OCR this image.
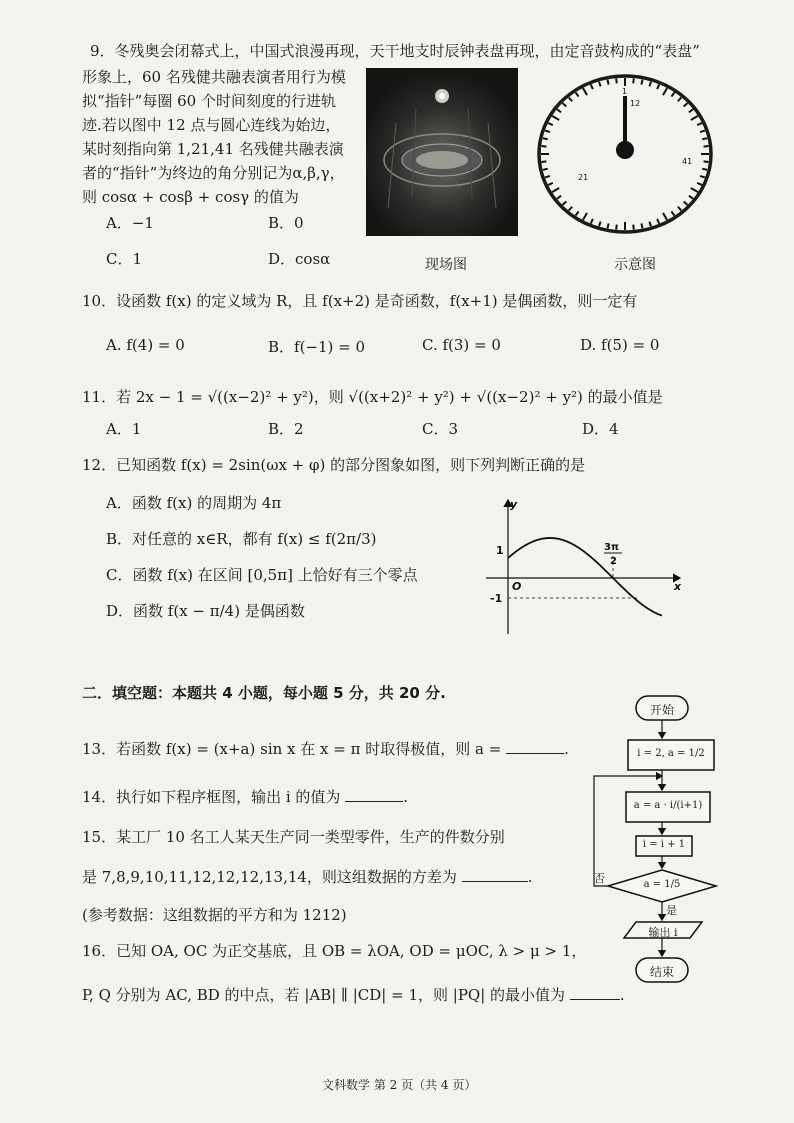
9．冬残奥会闭幕式上，中国式浪漫再现，天干地支时辰钟表盘再现，由定音鼓构成的“表盘”
形象上，60 名残健共融表演者用行为模
拟“指针”每圈 60 个时间刻度的行进轨
迹.若以图中 12 点与圆心连线为始边，
某时刻指向第 1,21,41 名残健共融表演
者的“指针”为终边的角分别记为α,β,γ，
则 cosα + cosβ + cosγ 的值为
A．−1	B．0
C．1	D．cosα
12
1
21
41
现场图	示意图
10．设函数 f(x) 的定义域为 R，且 f(x+2) 是奇函数，f(x+1) 是偶函数，则一定有
A. f(4) = 0	B．f(−1) = 0	C. f(3) = 0	D. f(5) = 0
11．若 2x − 1 = √((x−2)² + y²)，则 √((x+2)² + y²) + √((x−2)² + y²) 的最小值是
A．1	B．2	C．3	D．4
12．已知函数 f(x) = 2sin(ωx + φ) 的部分图象如图，则下列判断正确的是
A．函数 f(x) 的周期为 4π
B．对任意的 x∈R，都有 f(x) ≤ f(2π/3)
C．函数 f(x) 在区间 [0,5π] 上恰好有三个零点
D．函数 f(x − π/4) 是偶函数
y
x
O
1
-1
3π
2
二．填空题：本题共 4 小题，每小题 5 分，共 20 分.
13．若函数 f(x) = (x+a) sin x 在 x = π 时取得极值，则 a =	.
14．执行如下程序框图，输出 i 的值为	.
15．某工厂 10 名工人某天生产同一类型零件，生产的件数分别
是 7,8,9,10,11,12,12,12,13,14，则这组数据的方差为	.
(参考数据：这组数据的平方和为 1212)
16．已知 OA, OC 为正交基底，且 OB = λOA, OD = μOC, λ > μ > 1，
P, Q 分别为 AC, BD 的中点，若 |AB| ∥ |CD| = 1，则 |PQ| 的最小值为	.
开始
i = 2, a = 1/2
a = a · i/(i+1)
i = i + 1
a = 1/5
否
是
输出 i
结束
文科数学 第 2 页（共 4 页）
